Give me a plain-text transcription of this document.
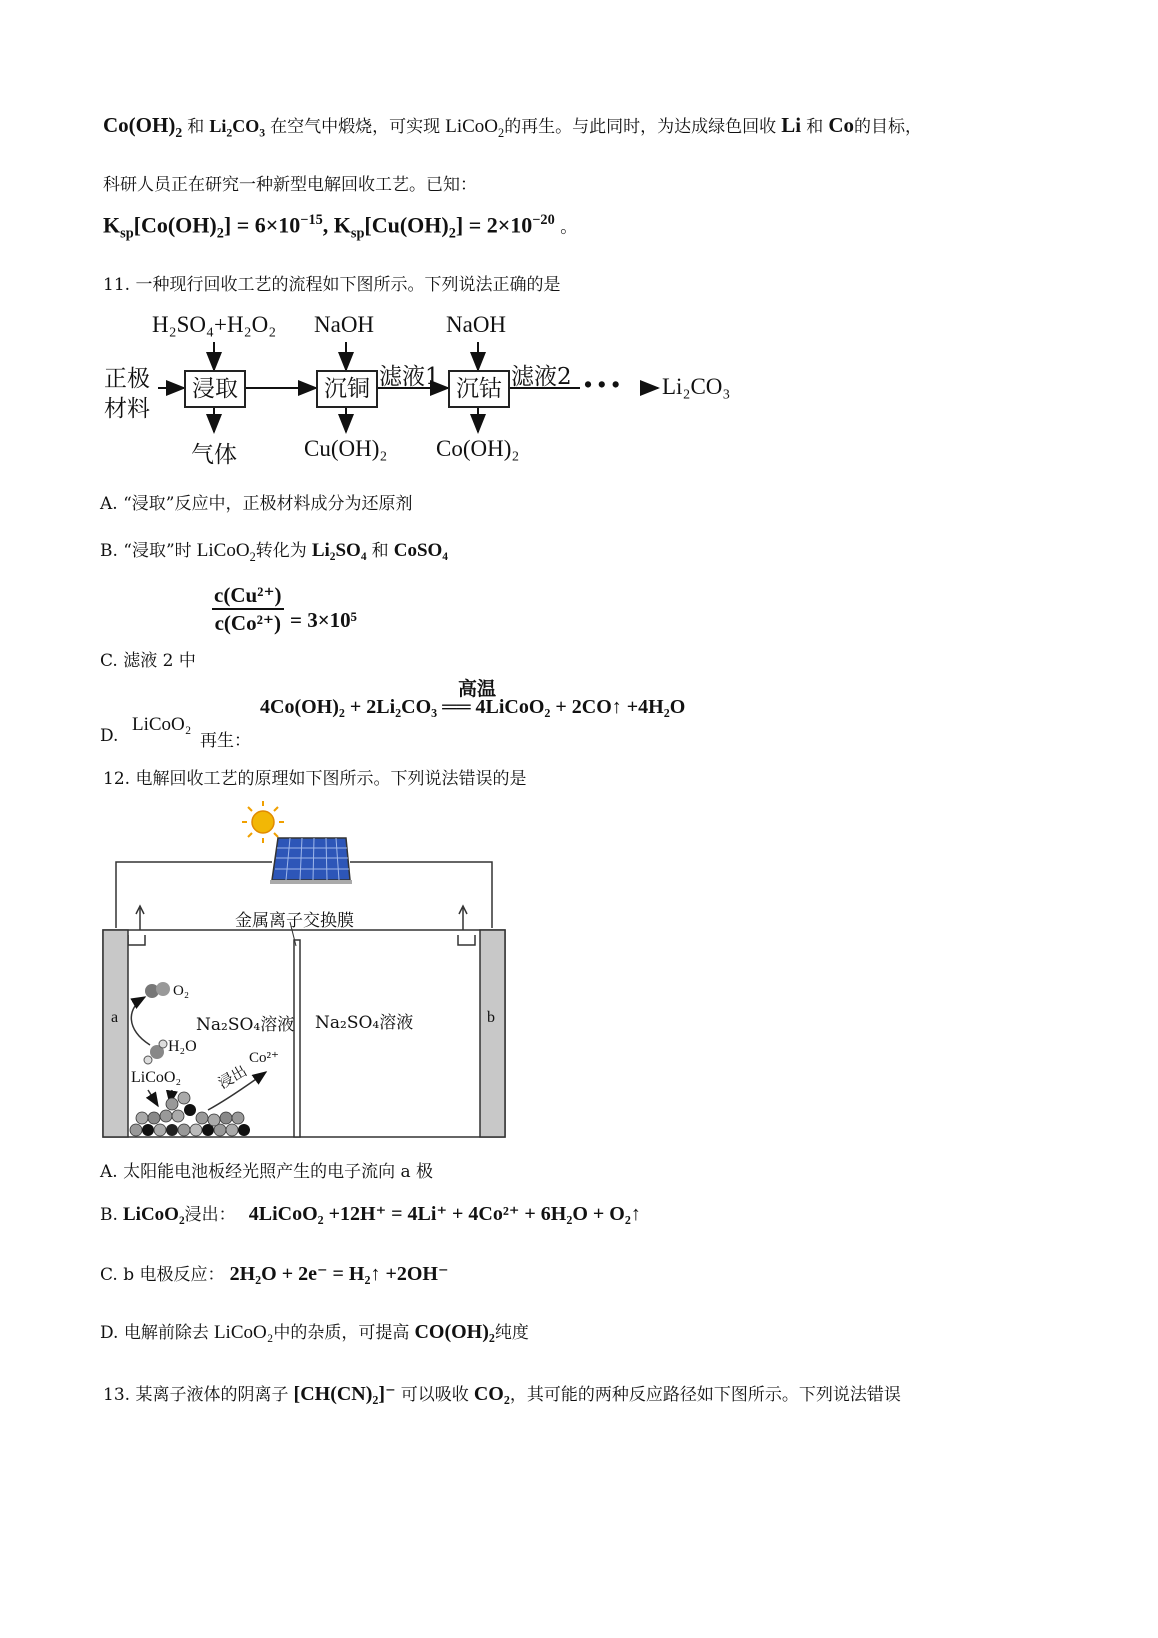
$Co(OH)_2$ 和 $Li_2CO_3$ 在空气中煅烧，可实现 LiCoO$_2$的再生。与此同时，为达成绿色回收 Li 和 Co的目标，
科研人员正在研究一种新型电解回收工艺。已知：
$K_{sp}[Co(OH)_2] = 6\times 10^{-15}$, $K_{sp}[Cu(OH)_2] = 2\times 10^{-20}$ 。
11. 一种现行回收工艺的流程如下图所示。下列说法正确的是
正极
材料
浸取	沉铜	沉钴
H₂SO₄+H₂O₂ NaOH	NaOH
滤液1	滤液2 • • • Li₂CO₃
气体	Cu(OH)₂ Co(OH)₂
A. “浸取”反应中，正极材料成分为还原剂
B. “浸取”时 LiCoO$_2$转化为 Li₂SO₄ 和 CoSO₄
C. 滤液 2 中
$\frac{\text{c(Cu²⁺)}}{\text{c(Co²⁺)}} = 3\times 10^5$
D.
LiCoO₂
再生：
高温
4Co(OH)₂ + 2Li₂CO₃ ══ 4LiCoO₂ + 2CO↑ +4H₂O
12. 电解回收工艺的原理如下图所示。下列说法错误的是
金属离子交换膜
a	b
Na₂SO₄溶液 Na₂SO₄溶液
O₂
H₂O
LiCoO₂ 浸出
Co²⁺
A. 太阳能电池板经光照产生的电子流向 a 极
B. LiCoO₂浸出： 4LiCoO₂ +12H⁺ = 4Li⁺ + 4Co²⁺ + 6H₂O + O₂↑
C. b 电极反应： 2H₂O + 2e⁻ = H₂↑ +2OH⁻
D. 电解前除去 LiCoO₂中的杂质，可提高 CO(OH)₂纯度
13. 某离子液体的阴离子 [CH(CN)₂]⁻ 可以吸收 CO₂，其可能的两种反应路径如下图所示。下列说法错误
